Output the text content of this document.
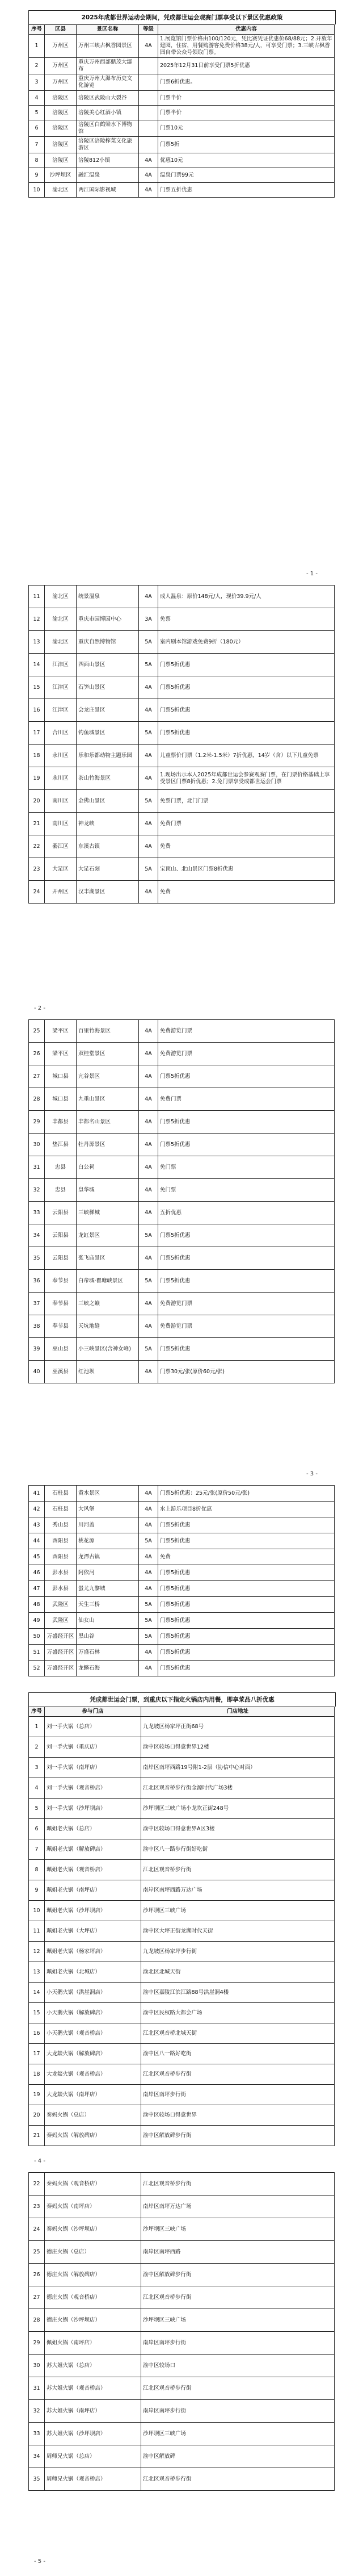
2025年成都世界运动会期间，凭成都世运会观赛门票享受以下景区优惠政策
序号	区县	景区名称	等级	优惠内容
1	万州区	万州三峡古枫香园景区	4A	1.展览馆门票价格由100/120元，凭比赛凭证优惠价68/88元；2.开放年建园，住宿，用餐购游客免费价格38元/人，可享受门票；3.三峡古枫香园自带公众号领取门票。
2	万州区	重庆万州西部鼎茂大瀑布		2025年12月31日前享受门票5折优惠
3	万州区	重庆万州大瀑布历史文化游览		门票6折优惠。
4	涪陵区	涪陵区武陵山大裂谷		门票半价
5	涪陵区	涪陵美心红酒小镇		门票半价
6	涪陵区	涪陵区白鹤梁水下博物馆		门票10元
7	涪陵区	涪陵区涪陵榨菜文化旅游区		门票5折
8	涪陵区	涪陵812小镇	4A	优惠10元
9	沙坪坝区	融汇温泉	4A	温泉门票99元
10	渝北区	两江国际影视城	4A	门票五折优惠
- 1 -
11	渝北区	统景温泉	4A	成人温泉：原价148元/人，现价39.9元/人
12	渝北区	重庆市园博园中心	3A	免票
13	渝北区	重庆自然博物馆	5A	室内剧本馆游戏免费9折（180元）
14	江津区	四面山景区	5A	门票5折优惠
15	江津区	石笋山景区	4A	门票5折优惠
16	江津区	会龙庄景区	4A	门票5折优惠
17	合川区	钓鱼城景区	5A	门票5折优惠
18	永川区	乐和乐都动物主题乐园	4A	儿童票价门票（1.2米-1.5米）7折优惠，14岁（含）以下儿童免票
19	永川区	茶山竹海景区	4A	1.现场出示本人2025年成都世运会参赛观赛门票，在门票价格基础上享受景区门票8折优惠；2.免门票享受成都世运会门票
20	南川区	金佛山景区	5A	免票门票，北门门票
21	南川区	神龙峡	4A	免费门票
22	綦江区	东溪古镇	4A	免费
23	大足区	大足石刻	5A	宝顶山、北山景区门票8折优惠
24	开州区	汉丰湖景区	4A	免费
- 2 -
25	梁平区	百里竹海景区	4A	免费游览门票
26	梁平区	双桂堂景区	4A	免费游览门票
27	城口县	亢谷景区	4A	门票5折优惠
28	城口县	九重山景区	4A	免费门票
29	丰都县	丰都名山景区	4A	门票5折优惠
30	垫江县	牡丹源景区	4A	门票5折优惠
31	忠县	白公祠	4A	免门票
32	忠县	皇华城	4A	免门票
33	云阳县	三峡梯城	4A	五折优惠
34	云阳县	龙缸景区	5A	门票5折优惠
35	云阳县	张飞庙景区	4A	门票5折优惠
36	奉节县	白帝城·瞿塘峡景区	5A	门票5折优惠
37	奉节县	三峡之巅	4A	免费游览门票
38	奉节县	天坑地缝	4A	免费游览门票
39	巫山县	小三峡景区(含神女峰)	5A	门票5折优惠
40	巫溪县	红池坝	4A	门票30元/张(原价60元/张)
- 3 -
41	石柱县	黄水景区	4A	门票5折优惠：25元/张(原价50元/张)
42	石柱县	大风堡	4A	水上游乐项目8折优惠
43	秀山县	川河盖	4A	门票5折优惠
44	酉阳县	桃花源	5A	门票5折优惠
45	酉阳县	龙潭古镇	4A	免费
46	彭水县	阿依河	4A	门票5折优惠
47	彭水县	蚩尤九黎城	4A	门票5折优惠
48	武隆区	天生三桥	5A	门票5折优惠
49	武隆区	仙女山	5A	门票5折优惠
50	万盛经开区	黑山谷	5A	门票5折优惠
51	万盛经开区	万盛石林	4A	门票5折优惠
52	万盛经开区	龙鳞石海	4A	门票5折优惠
凭成都世运会门票，到重庆以下指定火锅店内用餐，即享菜品八折优惠
序号	参与门店	门店地址
1	刘一手火锅（总店）	九龙坡区杨家坪正街68号
2	刘一手火锅（重庆店）	渝中区较场口得意世界12楼
3	刘一手火锅（南坪店）	南岸区南坪西路19号附1-2层（协信中心对面）
4	刘一手火锅（观音桥店）	江北区观音桥步行街金源时代广场3楼
5	刘一手火锅（沙坪坝店）	沙坪坝区三峡广场小龙坎正街248号
6	珮姐老火锅（总店）	渝中区较场口得意世界A区3楼
7	珮姐老火锅（解放碑店）	渝中区八一路步行街好吃街
8	珮姐老火锅（观音桥店）	江北区观音桥步行街
9	珮姐老火锅（南坪店）	南岸区南坪西路万达广场
10	珮姐老火锅（沙坪坝店）	沙坪坝区三峡广场
11	珮姐老火锅（大坪店）	渝中区大坪正街龙湖时代天街
12	珮姐老火锅（杨家坪店）	九龙坡区杨家坪步行街
13	珮姐老火锅（北城店）	渝北区北城天街
14	小天鹅火锅（洪崖洞店）	渝中区嘉陵江滨江路88号洪崖洞4楼
15	小天鹅火锅（解放碑店）	渝中区民权路大都会广场
16	小天鹅火锅（观音桥店）	江北区观音桥北城天街
17	大龙燚火锅（解放碑店）	渝中区八一路好吃街
18	大龙燚火锅（观音桥店）	江北区观音桥步行街
19	大龙燚火锅（南坪店）	南岸区南坪步行街
20	秦妈火锅（总店）	渝中区较场口得意世界
21	秦妈火锅（解放碑店）	渝中区解放碑步行街
- 4 -
22	秦妈火锅（观音桥店）	江北区观音桥步行街
23	秦妈火锅（南坪店）	南岸区南坪万达广场
24	秦妈火锅（沙坪坝店）	沙坪坝区三峡广场
25	德庄火锅（总店）	南岸区南坪西路
26	德庄火锅（解放碑店）	渝中区解放碑步行街
27	德庄火锅（观音桥店）	江北区观音桥步行街
28	德庄火锅（沙坪坝店）	沙坪坝区三峡广场
29	佩姐火锅（南坪店）	南岸区南坪步行街
30	苏大姐火锅（总店）	渝中区较场口
31	苏大姐火锅（观音桥店）	江北区观音桥步行街
32	苏大姐火锅（南坪店）	南岸区南坪步行街
33	苏大姐火锅（沙坪坝店）	沙坪坝区三峡广场
34	周师兄火锅（总店）	渝中区解放碑
35	周师兄火锅（观音桥店）	江北区观音桥步行街
- 5 -
